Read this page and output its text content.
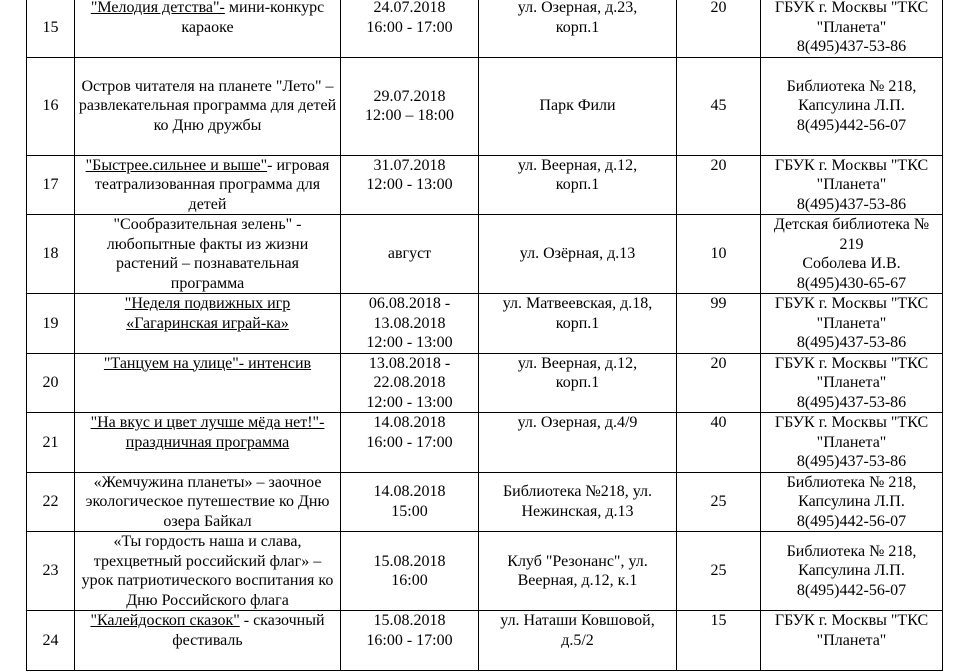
15	"Мелодия детства"- мини-конкурс караоке	24.07.2018
16:00 - 17:00	ул. Озерная, д.23,
корп.1	20	ГБУК г. Москвы "ТКС
"Планета"
8(495)437-53-86

16	Остров читателя на планете "Лето" – развлекательная программа для детей ко Дню дружбы	29.07.2018
12:00 – 18:00	Парк Фили	45	Библиотека № 218,
Капсулина Л.П.
8(495)442-56-07

17	"Быстрее.сильнее и выше"- игровая театрализованная программа для детей	31.07.2018
12:00 - 13:00	ул. Веерная, д.12,
корп.1	20	ГБУК г. Москвы "ТКС
"Планета"
8(495)437-53-86

18	"Сообразительная зелень" - любопытные факты из жизни растений – познавательная программа	август	ул. Озёрная, д.13	10	Детская библиотека №
219
Соболева И.В.
8(495)430-65-67

19	"Неделя подвижных игр «Гагаринская играй-ка»	06.08.2018 -
13.08.2018
12:00 - 13:00	ул. Матвеевская, д.18,
корп.1	99	ГБУК г. Москвы "ТКС
"Планета"
8(495)437-53-86

20	"Танцуем на улице"- интенсив	13.08.2018 -
22.08.2018
12:00 - 13:00	ул. Веерная, д.12,
корп.1	20	ГБУК г. Москвы "ТКС
"Планета"
8(495)437-53-86

21	"На вкус и цвет лучше мёда нет!"- праздничная программа	14.08.2018
16:00 - 17:00	ул. Озерная, д.4/9	40	ГБУК г. Москвы "ТКС
"Планета"
8(495)437-53-86

22	«Жемчужина планеты» – заочное экологическое путешествие ко Дню озера Байкал	14.08.2018
15:00	Библиотека №218, ул.
Нежинская, д.13	25	Библиотека № 218,
Капсулина Л.П.
8(495)442-56-07

23	«Ты гордость наша и слава, трехцветный российский флаг» – урок патриотического воспитания ко Дню Российского флага	15.08.2018
16:00	Клуб "Резонанс", ул.
Веерная, д.12, к.1	25	Библиотека № 218,
Капсулина Л.П.
8(495)442-56-07

24	"Калейдоскоп сказок" - сказочный фестиваль	15.08.2018
16:00 - 17:00	ул. Наташи Ковшовой,
д.5/2	15	ГБУК г. Москвы "ТКС
"Планета"
